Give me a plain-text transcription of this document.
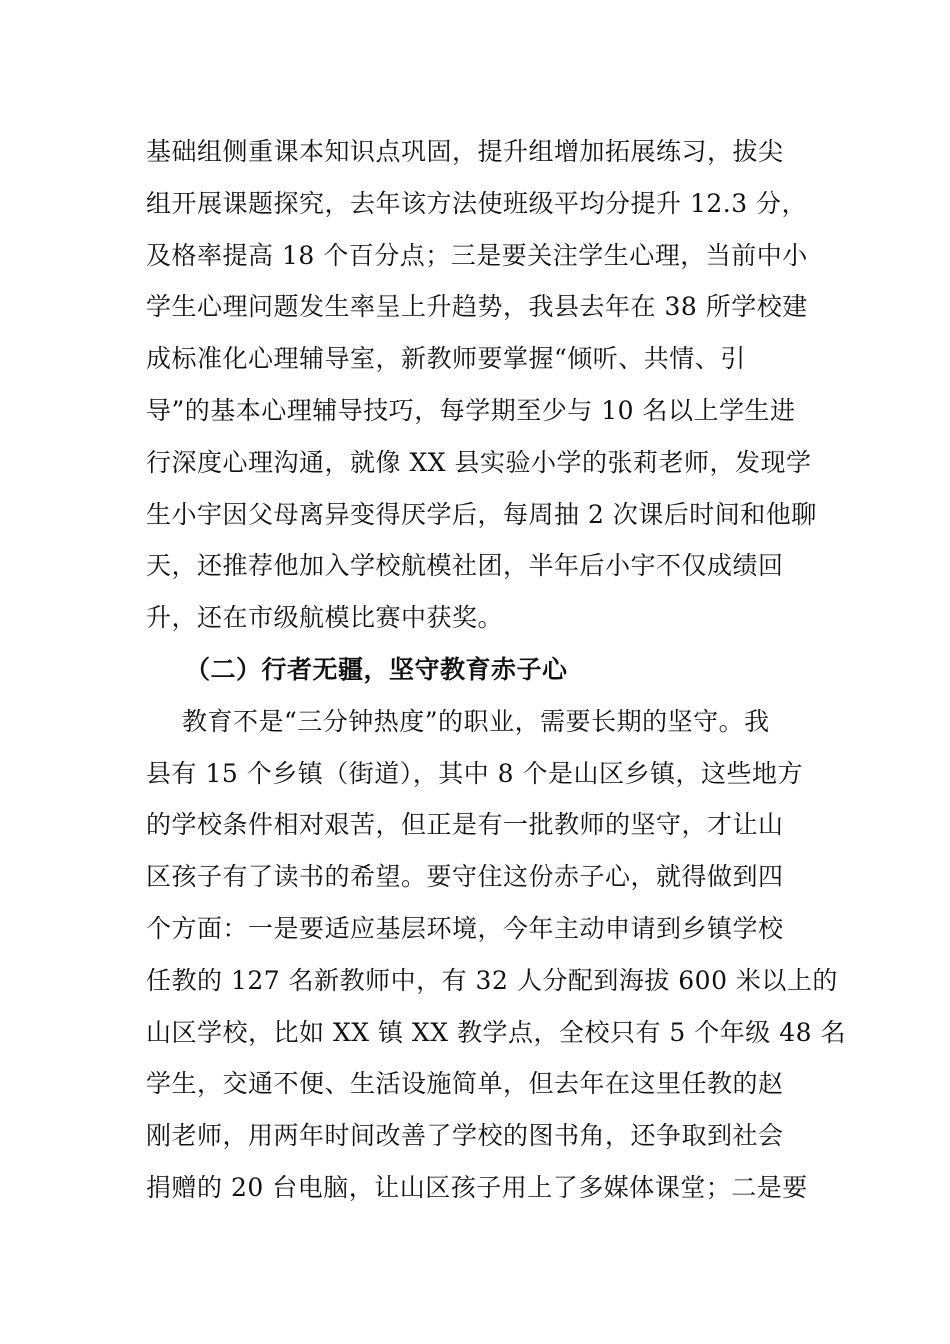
基础组侧重课本知识点巩固，提升组增加拓展练习，拔尖
组开展课题探究，去年该方法使班级平均分提升 12.3 分，
及格率提高 18 个百分点；三是要关注学生心理，当前中小
学生心理问题发生率呈上升趋势，我县去年在 38 所学校建
成标准化心理辅导室，新教师要掌握“倾听、共情、引
导”的基本心理辅导技巧，每学期至少与 10 名以上学生进
行深度心理沟通，就像 XX 县实验小学的张莉老师，发现学
生小宇因父母离异变得厌学后，每周抽 2 次课后时间和他聊
天，还推荐他加入学校航模社团，半年后小宇不仅成绩回
升，还在市级航模比赛中获奖。
（二）行者无疆，坚守教育赤子心
教育不是“三分钟热度”的职业，需要长期的坚守。我
县有 15 个乡镇（街道），其中 8 个是山区乡镇，这些地方
的学校条件相对艰苦，但正是有一批教师的坚守，才让山
区孩子有了读书的希望。要守住这份赤子心，就得做到四
个方面：一是要适应基层环境，今年主动申请到乡镇学校
任教的 127 名新教师中，有 32 人分配到海拔 600 米以上的
山区学校，比如 XX 镇 XX 教学点，全校只有 5 个年级 48 名
学生，交通不便、生活设施简单，但去年在这里任教的赵
刚老师，用两年时间改善了学校的图书角，还争取到社会
捐赠的 20 台电脑，让山区孩子用上了多媒体课堂；二是要
